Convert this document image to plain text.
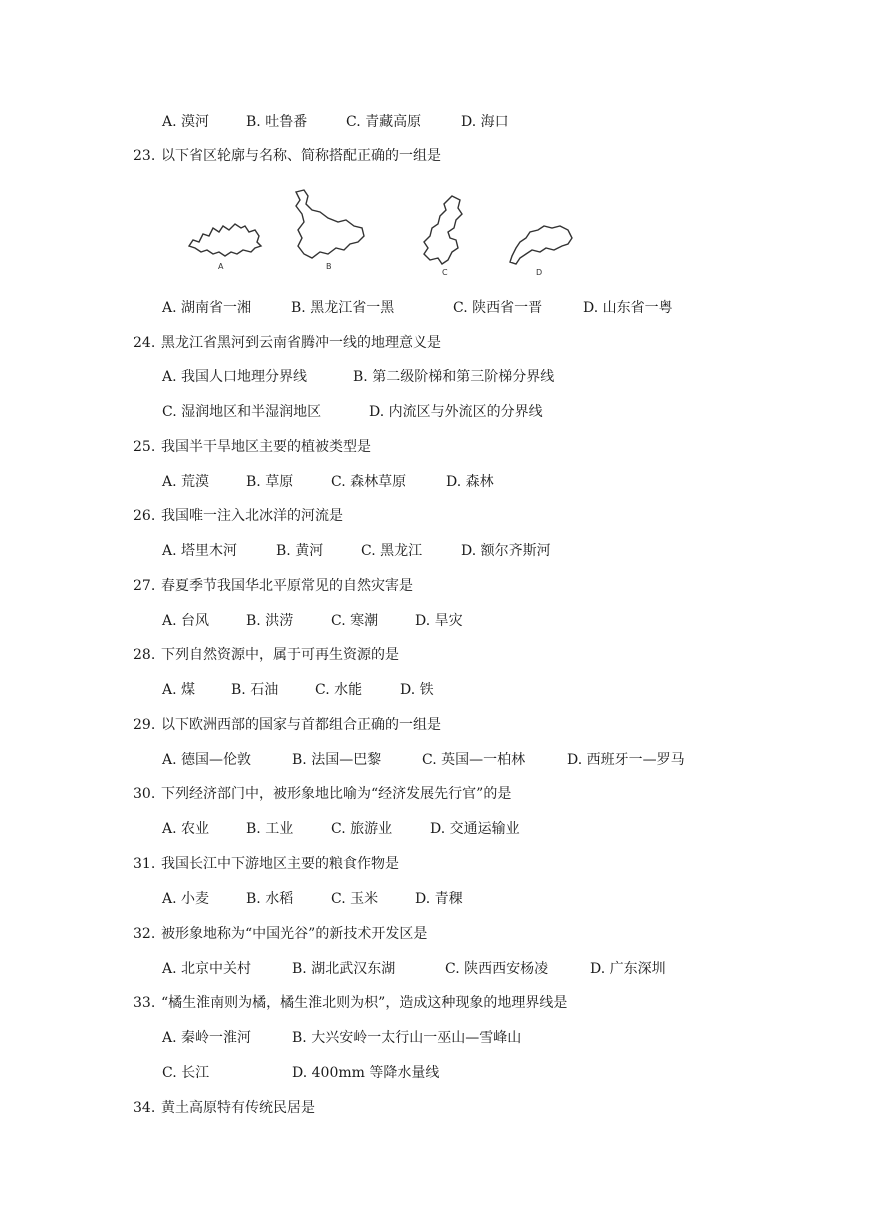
A. 漠河	B. 吐鲁番	C. 青藏高原	D. 海口
23. 以下省区轮廓与名称、简称搭配正确的一组是
A	B
C	D
A. 湖南省一湘	B. 黑龙江省一黑	C. 陕西省一晋	D. 山东省一粤
24. 黑龙江省黑河到云南省腾冲一线的地理意义是
A. 我国人口地理分界线	B. 第二级阶梯和第三阶梯分界线
C. 湿润地区和半湿润地区	D. 内流区与外流区的分界线
25. 我国半干旱地区主要的植被类型是
A. 荒漠	B. 草原	C. 森林草原	D. 森林
26. 我国唯一注入北冰洋的河流是
A. 塔里木河	B. 黄河	C. 黑龙江	D. 额尔齐斯河
27. 春夏季节我国华北平原常见的自然灾害是
A. 台风	B. 洪涝	C. 寒潮	D. 旱灾
28. 下列自然资源中，属于可再生资源的是
A. 煤	B. 石油	C. 水能	D. 铁
29. 以下欧洲西部的国家与首都组合正确的一组是
A. 德国—伦敦	B. 法国—巴黎	C. 英国—一柏林	D. 西班牙一—罗马
30. 下列经济部门中，被形象地比喻为“经济发展先行官”的是
A. 农业	B. 工业	C. 旅游业	D. 交通运输业
31. 我国长江中下游地区主要的粮食作物是
A. 小麦	B. 水稻	C. 玉米	D. 青稞
32. 被形象地称为“中国光谷”的新技术开发区是
A. 北京中关村	B. 湖北武汉东湖	C. 陕西西安杨凌	D. 广东深圳
33. “橘生淮南则为橘，橘生淮北则为枳”，造成这种现象的地理界线是
A. 秦岭一淮河	B. 大兴安岭一太行山一巫山—雪峰山
C. 长江	D. 400mm 等降水量线
34. 黄土高原特有传统民居是
